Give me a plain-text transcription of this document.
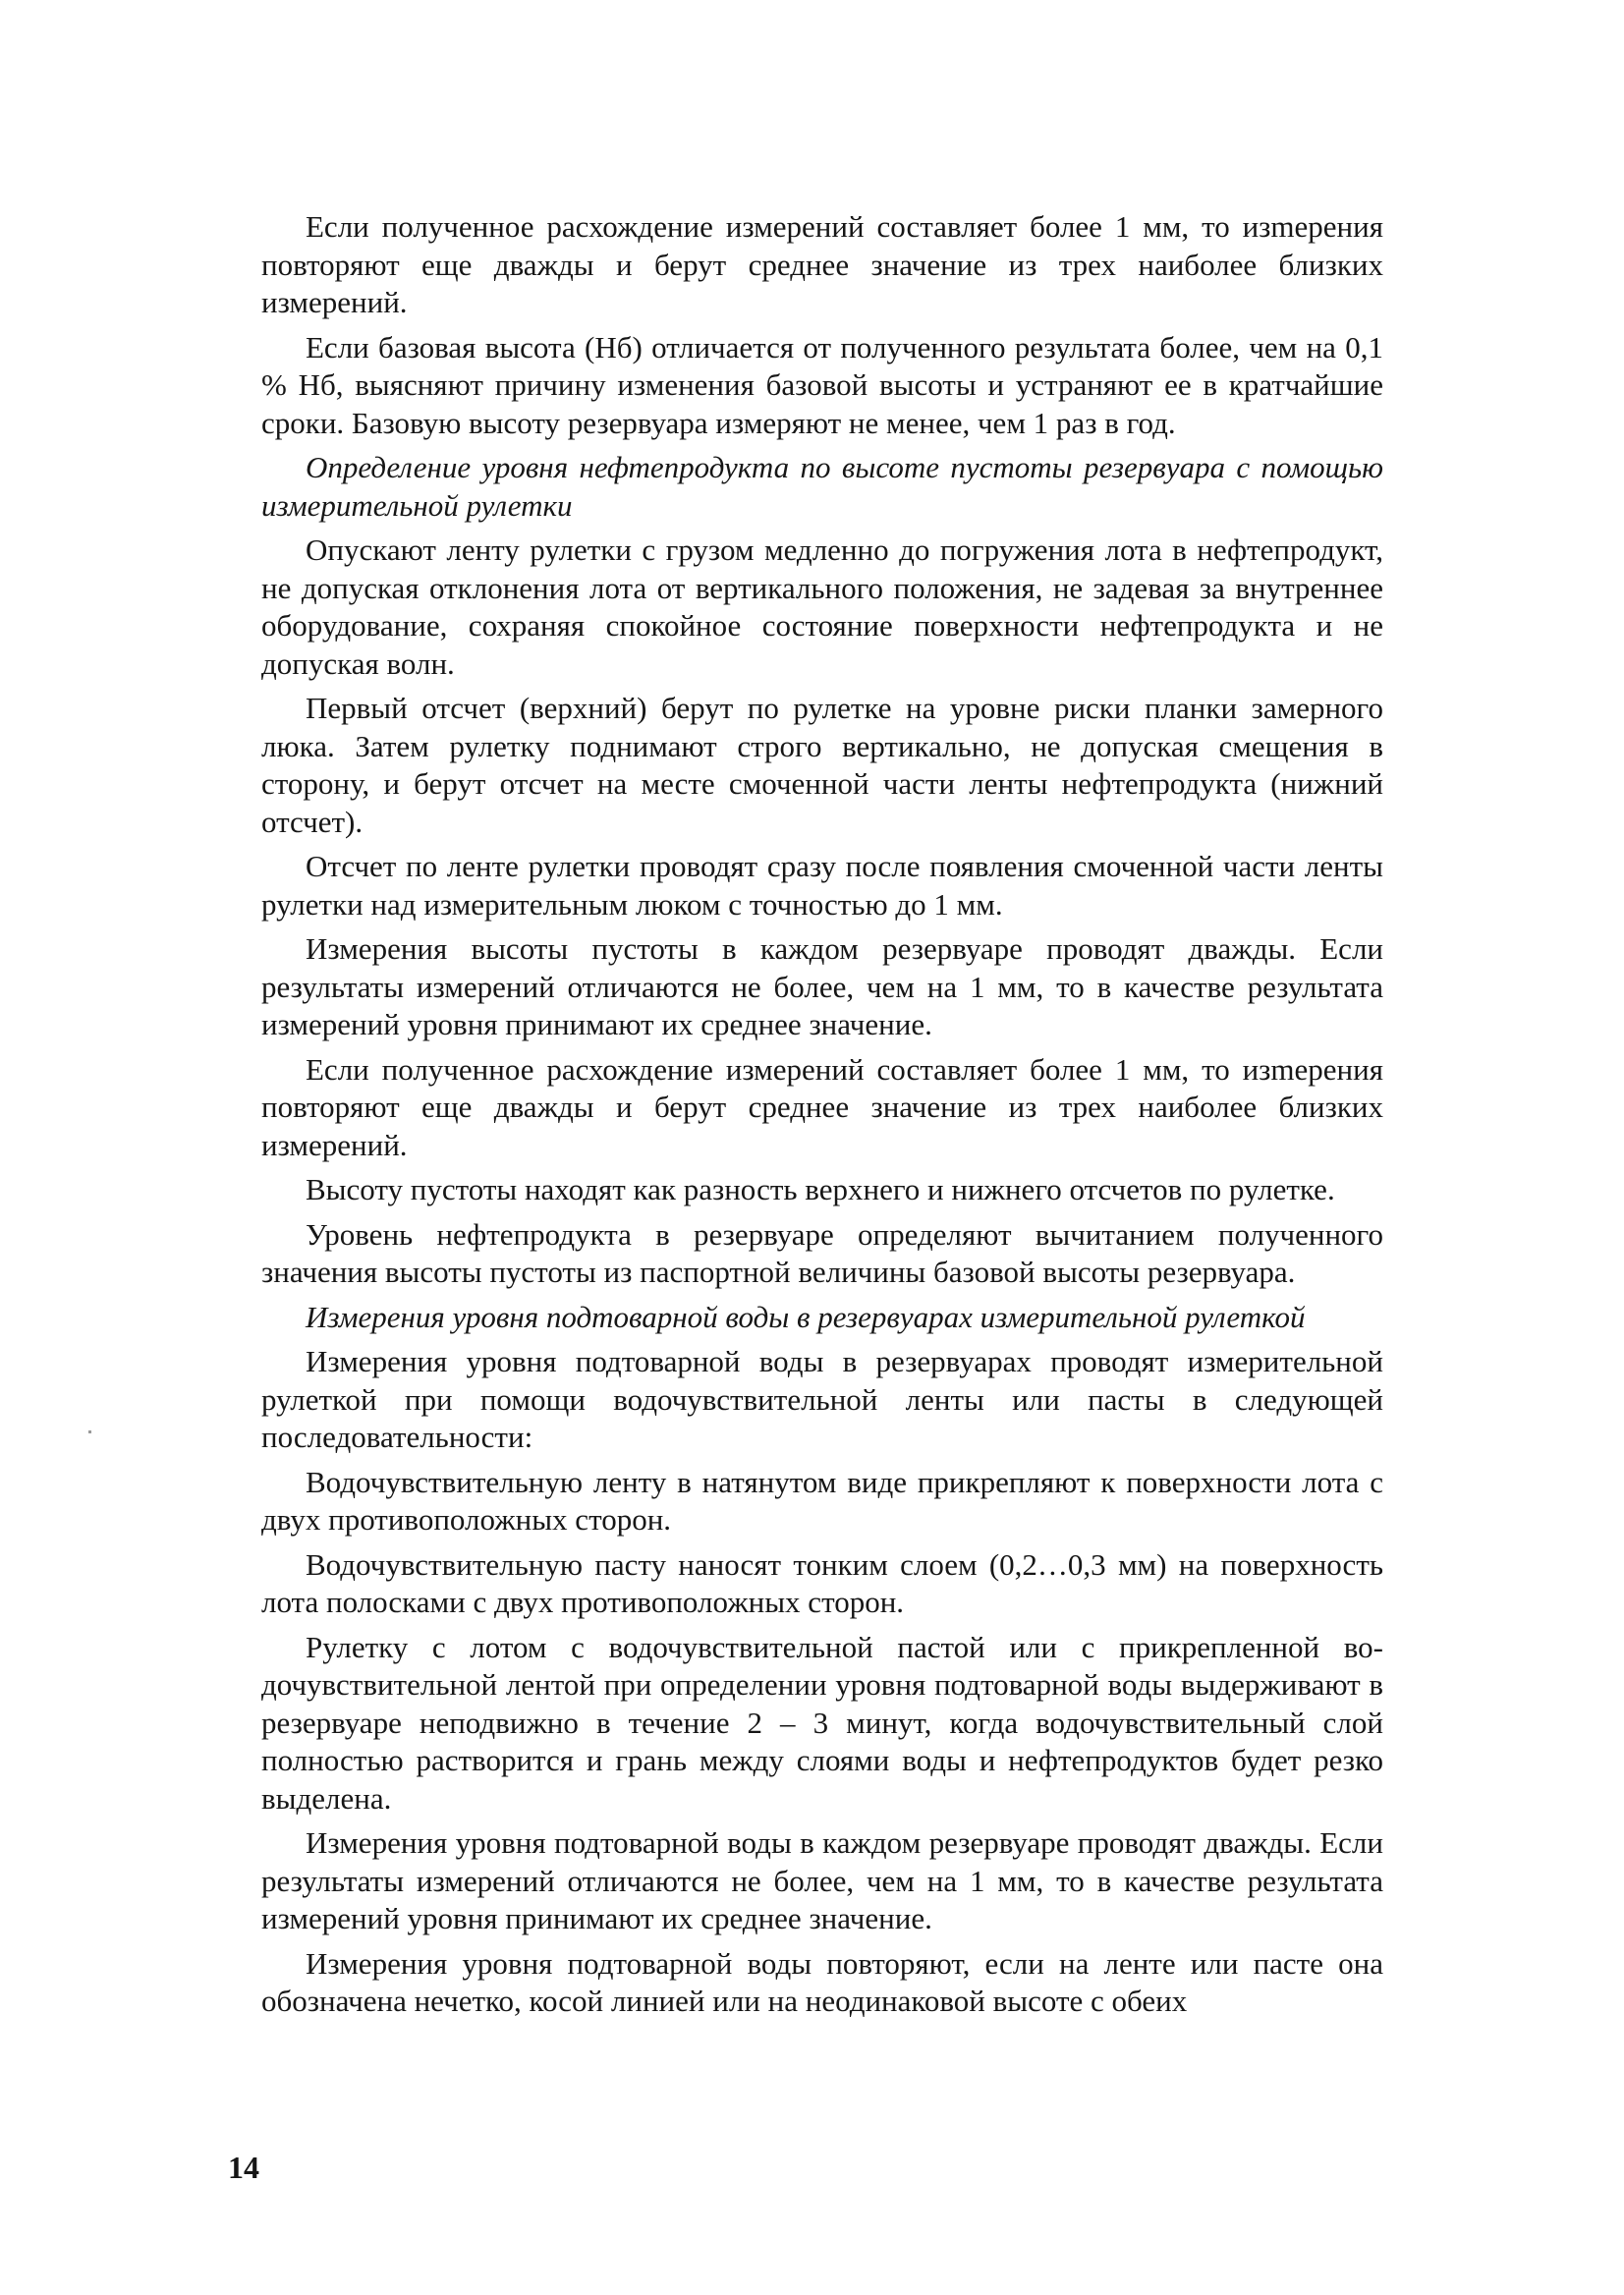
Если полученное расхождение измерений составляет более 1 мм, то изmерения повторяют еще дважды и берут среднее значение из трех наиболее близких измерений.

Если базовая высота (Нб) отличается от полученного результата более, чем на 0,1 % Нб, выясняют причину изменения базовой высоты и устраняют ее в кратчайшие сроки. Базовую высоту резервуара измеряют не менее, чем 1 раз в год.

Определение уровня нефтепродукта по высоте пустоты резервуара с помощью измерительной рулетки

Опускают ленту рулетки с грузом медленно до погружения лота в нефтепродукт, не допуская отклонения лота от вертикального положения, не задевая за внутреннее оборудование, сохраняя спокойное состояние поверхности нефтепродукта и не допуская волн.

Первый отсчет (верхний) берут по рулетке на уровне риски планки замерного люка. Затем рулетку поднимают строго вертикально, не допуская смещения в сторону, и берут отсчет на месте смоченной части ленты нефтепродукта (нижний отсчет).

Отсчет по ленте рулетки проводят сразу после появления смоченной части ленты рулетки над измерительным люком с точностью до 1 мм.

Измерения высоты пустоты в каждом резервуаре проводят дважды. Если результаты измерений отличаются не более, чем на 1 мм, то в качестве результата измерений уровня принимают их среднее значение.

Если полученное расхождение измерений составляет более 1 мм, то изmерения повторяют еще дважды и берут среднее значение из трех наиболее близких измерений.

Высоту пустоты находят как разность верхнего и нижнего отсчетов по рулетке.

Уровень нефтепродукта в резервуаре определяют вычитанием полученного значения высоты пустоты из паспортной величины базовой высоты резервуара.

Измерения уровня подтоварной воды в резервуарах измерительной рулеткой

Измерения уровня подтоварной воды в резервуарах проводят измерительной рулеткой при помощи водочувствительной ленты или пасты в следующей последовательности:

Водочувствительную ленту в натянутом виде прикрепляют к поверхности лота с двух противоположных сторон.

Водочувствительную пасту наносят тонким слоем (0,2…0,3 мм) на поверхность лота полосками с двух противоположных сторон.

Рулетку с лотом с водочувствительной пастой или с прикрепленной водочувствительной лентой при определении уровня подтоварной воды выдерживают в резервуаре неподвижно в течение 2 – 3 минут, когда водочувствительный слой полностью растворится и грань между слоями воды и нефтепродуктов будет резко выделена.

Измерения уровня подтоварной воды в каждом резервуаре проводят дважды. Если результаты измерений отличаются не более, чем на 1 мм, то в качестве результата измерений уровня принимают их среднее значение.

Измерения уровня подтоварной воды повторяют, если на ленте или пасте она обозначена нечетко, косой линией или на неодинаковой высоте с обеих

14
